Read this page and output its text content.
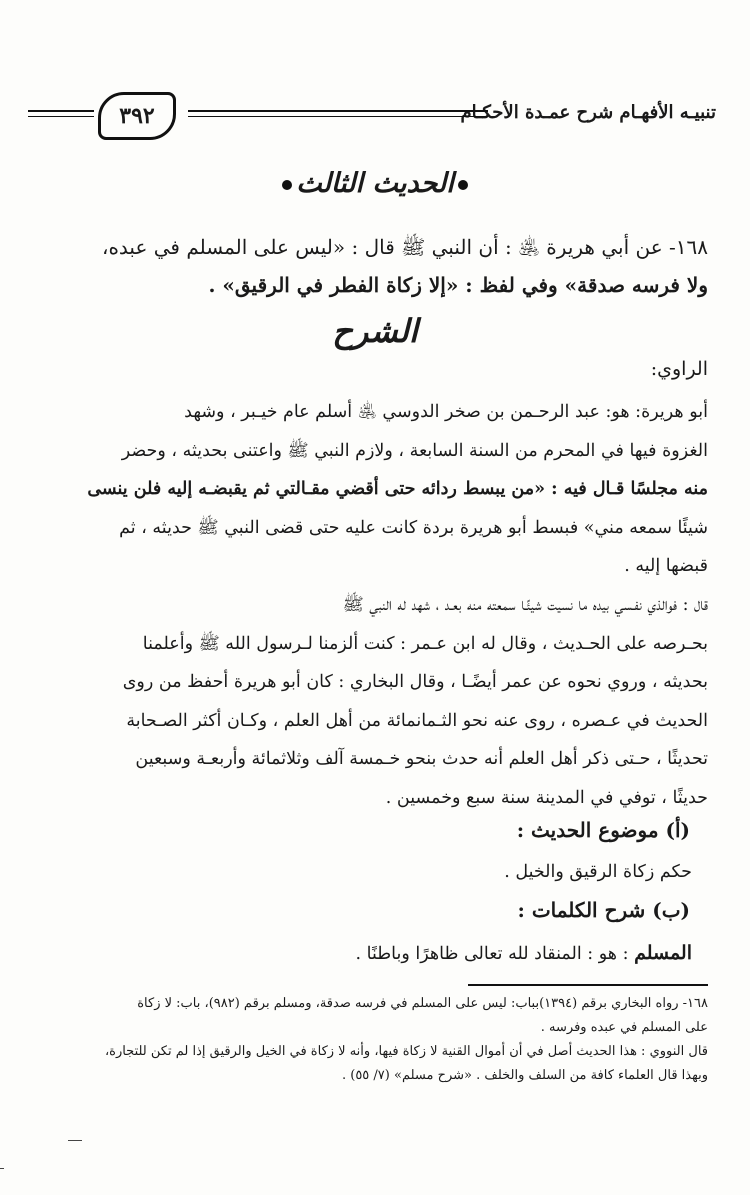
تنبيـه الأفهـام شرح عمـدة الأحكـام
٣٩٢
الحديث الثالث
١٦٨- عن أبي هريرة ﵁ : أن النبي ﷺ قال : «ليس على المسلم في عبده،
ولا فرسه صدقة» وفي لفظ : «إلا زكاة الفطر في الرقيق» .
الشرح
الراوي:
أبو هريرة: هو: عبد الرحـمن بن صخر الدوسي ﵁ أسلم عام خيـبر ، وشهد
الغزوة فيها في المحرم من السنة السابعة ، ولازم النبي ﷺ واعتنى بحديثه ، وحضر
منه مجلسًا قـال فيه : «من يبسط ردائه حتى أقضي مقـالتي ثم يقبضـه إليه فلن ينسى
شيئًا سمعه مني» فبسط أبو هريرة بردة كانت عليه حتى قضى النبي ﷺ حديثه ، ثم
قبضها إليه .
قال : فوالذي نفـسي بيده ما نسيت شيئًـا سمعته منه بعـد ، شهد له النبي ﷺ
بحـرصه على الحـديث ، وقال له ابن عـمر : كنت ألزمنا لـرسول الله ﷺ وأعلمنا
بحديثه ، وروي نحوه عن عمر أيضًـا ، وقال البخاري : كان أبو هريرة أحفظ من روى
الحديث في عـصره ، روى عنه نحو الثـمانمائة من أهل العلم ، وكـان أكثر الصـحابة
تحديثًا ، حـتى ذكر أهل العلم أنه حدث بنحو خـمسة آلف وثلاثمائة وأربعـة وسبعين
حديثًا ، توفي في المدينة سنة سبع وخمسين .
(أ) موضوع الحديث :
حكم زكاة الرقيق والخيل .
(ب) شرح الكلمات :
المسلم : هو : المنقاد لله تعالى ظاهرًا وباطنًا .

١٦٨- رواه البخاري برقم (١٣٩٤)بباب: ليس على المسلم في فرسه صدقة، ومسلم برقم (٩٨٢)، باب: لا زكاة

على المسلم في عبده وفرسه .

قال النووي : هذا الحديث أصل في أن أموال القنية لا زكاة فيها، وأنه لا زكاة في الخيل والرقيق إذا لم تكن للتجارة،

وبهذا قال العلماء كافة من السلف والخلف . «شرح مسلم» (٧/ ٥٥) .
